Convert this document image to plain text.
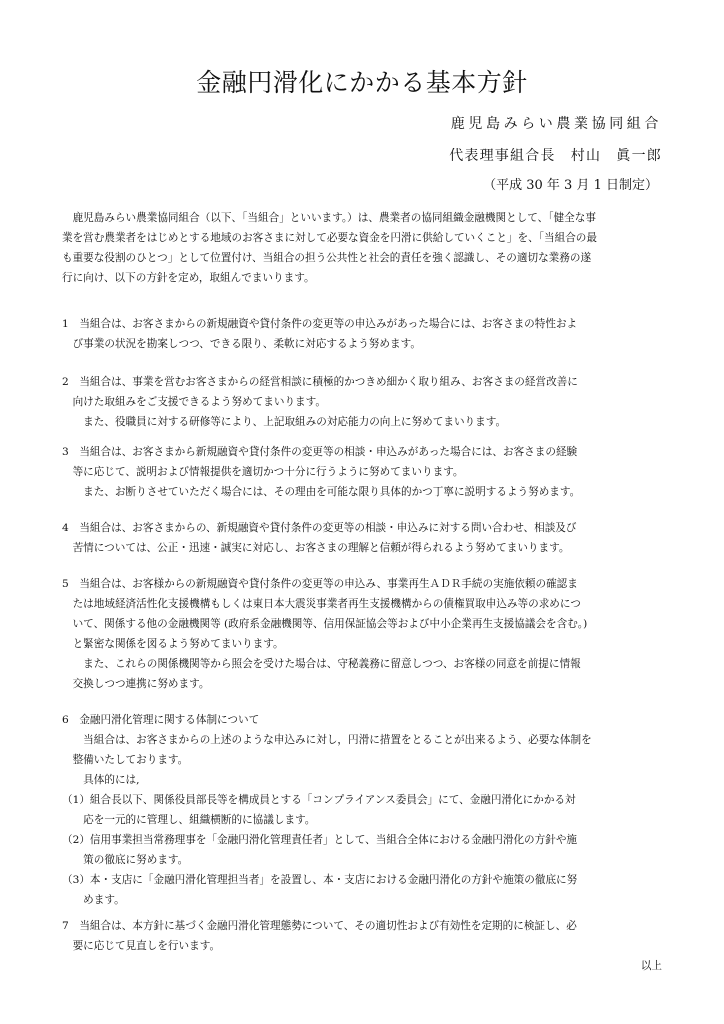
金融円滑化にかかる基本方針
鹿児島みらい農業協同組合
代表理事組合長　村山　眞一郎
（平成 30 年 3 月 1 日制定）

　鹿児島みらい農業協同組合（以下、「当組合」といいます。）は、農業者の協同組織金融機関として、「健全な事

業を営む農業者をはじめとする地域のお客さまに対して必要な資金を円滑に供給していくこと」を、「当組合の最

も重要な役割のひとつ」として位置付け、当組合の担う公共性と社会的責任を強く認識し、その適切な業務の遂

行に向け、以下の方針を定め，取組んでまいります。

1　当組合は、お客さまからの新規融資や貸付条件の変更等の申込みがあった場合には、お客さまの特性およ

　び事業の状況を勘案しつつ、できる限り、柔軟に対応するよう努めます。

2　当組合は、事業を営むお客さまからの経営相談に積極的かつきめ細かく取り組み、お客さまの経営改善に

　向けた取組みをご支援できるよう努めてまいります。

　　また、役職員に対する研修等により、上記取組みの対応能力の向上に努めてまいります。

3　当組合は、お客さまから新規融資や貸付条件の変更等の相談・申込みがあった場合には、お客さまの経験

　等に応じて、説明および情報提供を適切かつ十分に行うように努めてまいります。

　　また、お断りさせていただく場合には、その理由を可能な限り具体的かつ丁寧に説明するよう努めます。

4　当組合は、お客さまからの、新規融資や貸付条件の変更等の相談・申込みに対する問い合わせ、相談及び

　苦情については、公正・迅速・誠実に対応し、お客さまの理解と信頼が得られるよう努めてまいります。

5　当組合は、お客様からの新規融資や貸付条件の変更等の申込み、事業再生ＡＤＲ手続の実施依頼の確認ま

　たは地域経済活性化支援機構もしくは東日本大震災事業者再生支援機構からの債権買取申込み等の求めにつ

　いて、関係する他の金融機関等 (政府系金融機関等、信用保証協会等および中小企業再生支援協議会を含む。)

　と緊密な関係を図るよう努めてまいります。

　　また、これらの関係機関等から照会を受けた場合は、守秘義務に留意しつつ、お客様の同意を前提に情報

　交換しつつ連携に努めます。

6　金融円滑化管理に関する体制について

　　当組合は、お客さまからの上述のような申込みに対し，円滑に措置をとることが出来るよう、必要な体制を

　整備いたしております。

　　具体的には,

（1）組合長以下、関係役員部長等を構成員とする「コンプライアンス委員会」にて、金融円滑化にかかる対

　　応を一元的に管理し、組織横断的に協議します。

（2）信用事業担当常務理事を「金融円滑化管理責任者」として、当組合全体における金融円滑化の方針や施

　　策の徹底に努めます。

（3）本・支店に「金融円滑化管理担当者」を設置し、本・支店における金融円滑化の方針や施策の徹底に努

　　めます。

7　当組合は、本方針に基づく金融円滑化管理態勢について、その適切性および有効性を定期的に検証し、必

　要に応じて見直しを行います。

以上
